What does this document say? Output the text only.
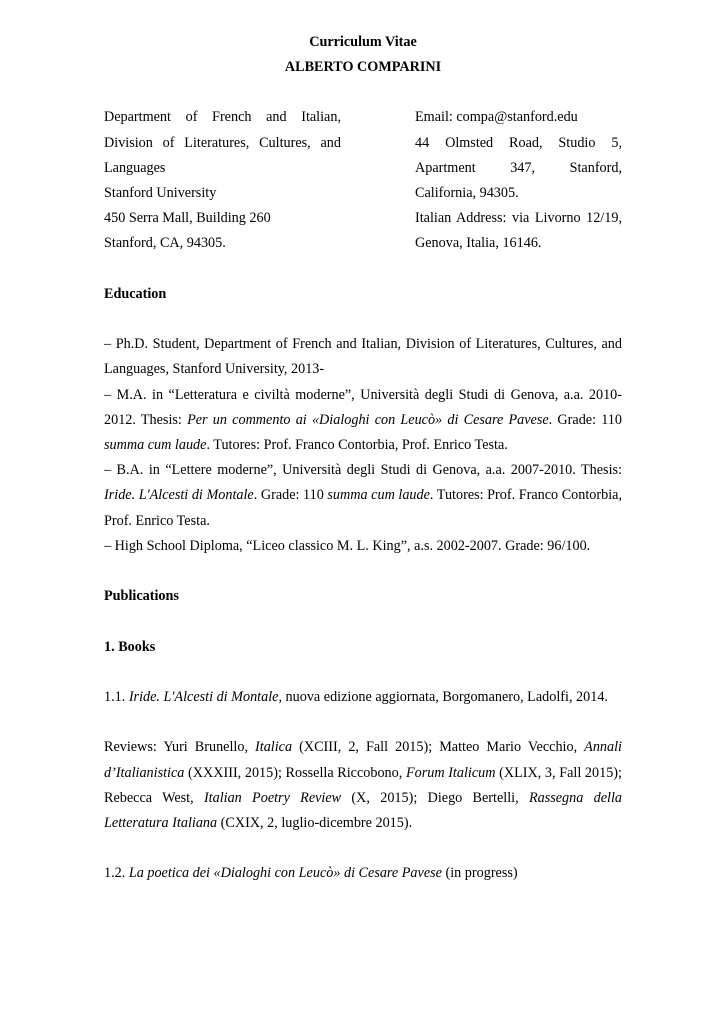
Curriculum Vitae
ALBERTO COMPARINI
Department of French and Italian, Division of Literatures, Cultures, and Languages
Stanford University
450 Serra Mall, Building 260
Stanford, CA, 94305.
Email: compa@stanford.edu
44 Olmsted Road, Studio 5, Apartment 347, Stanford, California, 94305.
Italian Address: via Livorno 12/19, Genova, Italia, 16146.
Education
– Ph.D. Student, Department of French and Italian, Division of Literatures, Cultures, and Languages, Stanford University, 2013-
– M.A. in “Letteratura e civiltà moderne”, Università degli Studi di Genova, a.a. 2010-2012. Thesis: Per un commento ai «Dialoghi con Leucò» di Cesare Pavese. Grade: 110 summa cum laude. Tutores: Prof. Franco Contorbia, Prof. Enrico Testa.
– B.A. in “Lettere moderne”, Università degli Studi di Genova, a.a. 2007-2010. Thesis: Iride. L'Alcesti di Montale. Grade: 110 summa cum laude. Tutores: Prof. Franco Contorbia, Prof. Enrico Testa.
– High School Diploma, “Liceo classico M. L. King”, a.s. 2002-2007. Grade: 96/100.
Publications
1. Books
1.1. Iride. L'Alcesti di Montale, nuova edizione aggiornata, Borgomanero, Ladolfi, 2014.
Reviews: Yuri Brunello, Italica (XCIII, 2, Fall 2015); Matteo Mario Vecchio, Annali d’Italianistica (XXXIII, 2015); Rossella Riccobono, Forum Italicum (XLIX, 3, Fall 2015); Rebecca West, Italian Poetry Review (X, 2015); Diego Bertelli, Rassegna della Letteratura Italiana (CXIX, 2, luglio-dicembre 2015).
1.2. La poetica dei «Dialoghi con Leucò» di Cesare Pavese (in progress)
